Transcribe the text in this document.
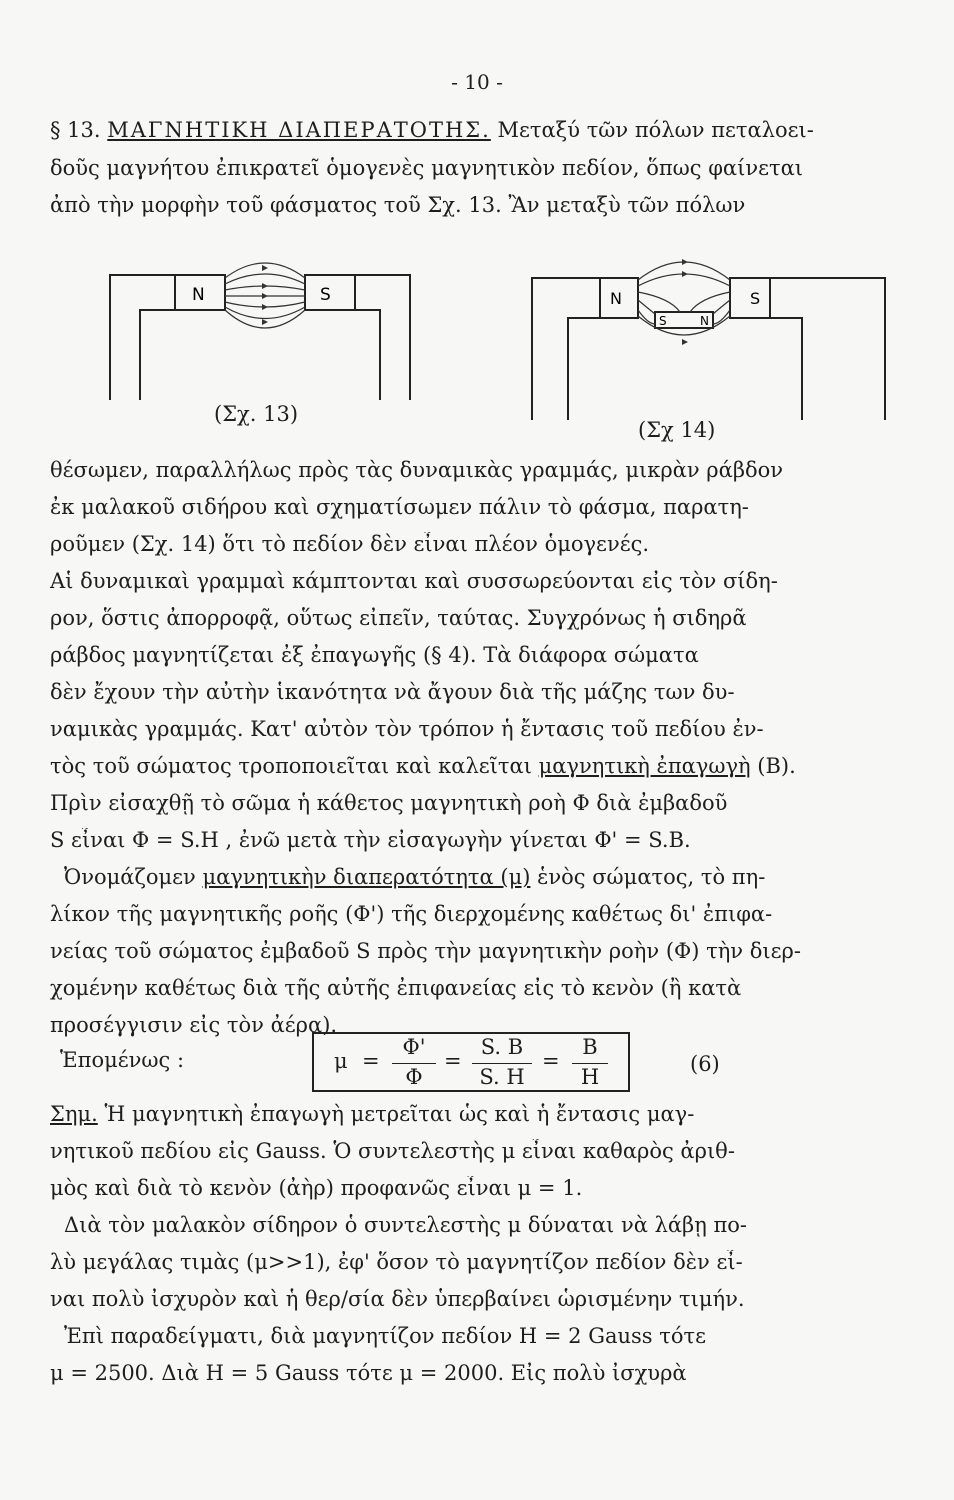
- 10 -
§ 13. ΜΑΓΝΗΤΙΚΗ ΔΙΑΠΕΡΑΤΟΤΗΣ. Μεταξύ τῶν πόλων πεταλοει-
δοῦς μαγνήτου ἐπικρατεῖ ὁμογενὲς μαγνητικὸν πεδίον, ὅπως φαίνεται
ἀπὸ τὴν μορφὴν τοῦ φάσματος τοῦ Σχ. 13. Ἂν μεταξὺ τῶν πόλων
N	S
(Σχ. 13)
N	S
S	N
(Σχ 14)
θέσωμεν, παραλλήλως πρὸς τὰς δυναμικὰς γραμμάς, μικρὰν ράβδον
ἐκ μαλακοῦ σιδήρου καὶ σχηματίσωμεν πάλιν τὸ φάσμα, παρατη-
ροῦμεν (Σχ. 14) ὅτι τὸ πεδίον δὲν εἶναι πλέον ὁμογενές.
Αἱ δυναμικαὶ γραμμαὶ κάμπτονται καὶ συσσωρεύονται εἰς τὸν σίδη-
ρον, ὅστις ἀπορροφᾷ, οὕτως εἰπεῖν, ταύτας. Συγχρόνως ἡ σιδηρᾶ
ράβδος μαγνητίζεται ἐξ ἐπαγωγῆς (§ 4). Τὰ διάφορα σώματα
δὲν ἔχουν τὴν αὐτὴν ἱκανότητα νὰ ἄγουν διὰ τῆς μάζης των δυ-
ναμικὰς γραμμάς. Κατ' αὐτὸν τὸν τρόπον ἡ ἔντασις τοῦ πεδίου ἐν-
τὸς τοῦ σώματος τροποποιεῖται καὶ καλεῖται μαγνητικὴ ἐπαγωγὴ (B).
Πρὶν εἰσαχθῇ τὸ σῶμα ἡ κάθετος μαγνητικὴ ροὴ Φ διὰ ἐμβαδοῦ
S εἶναι Φ = S.H , ἐνῶ μετὰ τὴν εἰσαγωγὴν γίνεται Φ' = S.B.
Ὀνομάζομεν μαγνητικὴν διαπερατότητα (μ) ἑνὸς σώματος, τὸ πη-
λίκον τῆς μαγνητικῆς ροῆς (Φ') τῆς διερχομένης καθέτως δι' ἐπιφα-
νείας τοῦ σώματος ἐμβαδοῦ S πρὸς τὴν μαγνητικὴν ροὴν (Φ) τὴν διερ-
χομένην καθέτως διὰ τῆς αὐτῆς ἐπιφανείας εἰς τὸ κενὸν (ἢ κατὰ
προσέγγισιν εἰς τὸν ἀέρα).
Ἑπομένως :	μ =
Φ'
Φ
=
S. B
S. H
=
B
H
(6)
Σημ. Ἡ μαγνητικὴ ἐπαγωγὴ μετρεῖται ὡς καὶ ἡ ἔντασις μαγ-
νητικοῦ πεδίου εἰς Gauss. Ὁ συντελεστὴς μ εἶναι καθαρὸς ἀριθ-
μὸς καὶ διὰ τὸ κενὸν (ἀὴρ) προφανῶς εἶναι μ = 1.
Διὰ τὸν μαλακὸν σίδηρον ὁ συντελεστὴς μ δύναται νὰ λάβῃ πο-
λὺ μεγάλας τιμὰς (μ>>1), ἐφ' ὅσον τὸ μαγνητίζον πεδίον δὲν εἶ-
ναι πολὺ ἰσχυρὸν καὶ ἡ θερ/σία δὲν ὑπερβαίνει ὡρισμένην τιμήν.
Ἐπὶ παραδείγματι, διὰ μαγνητίζον πεδίον H = 2 Gauss τότε
μ = 2500. Διὰ H = 5 Gauss τότε μ = 2000. Εἰς πολὺ ἰσχυρὰ
